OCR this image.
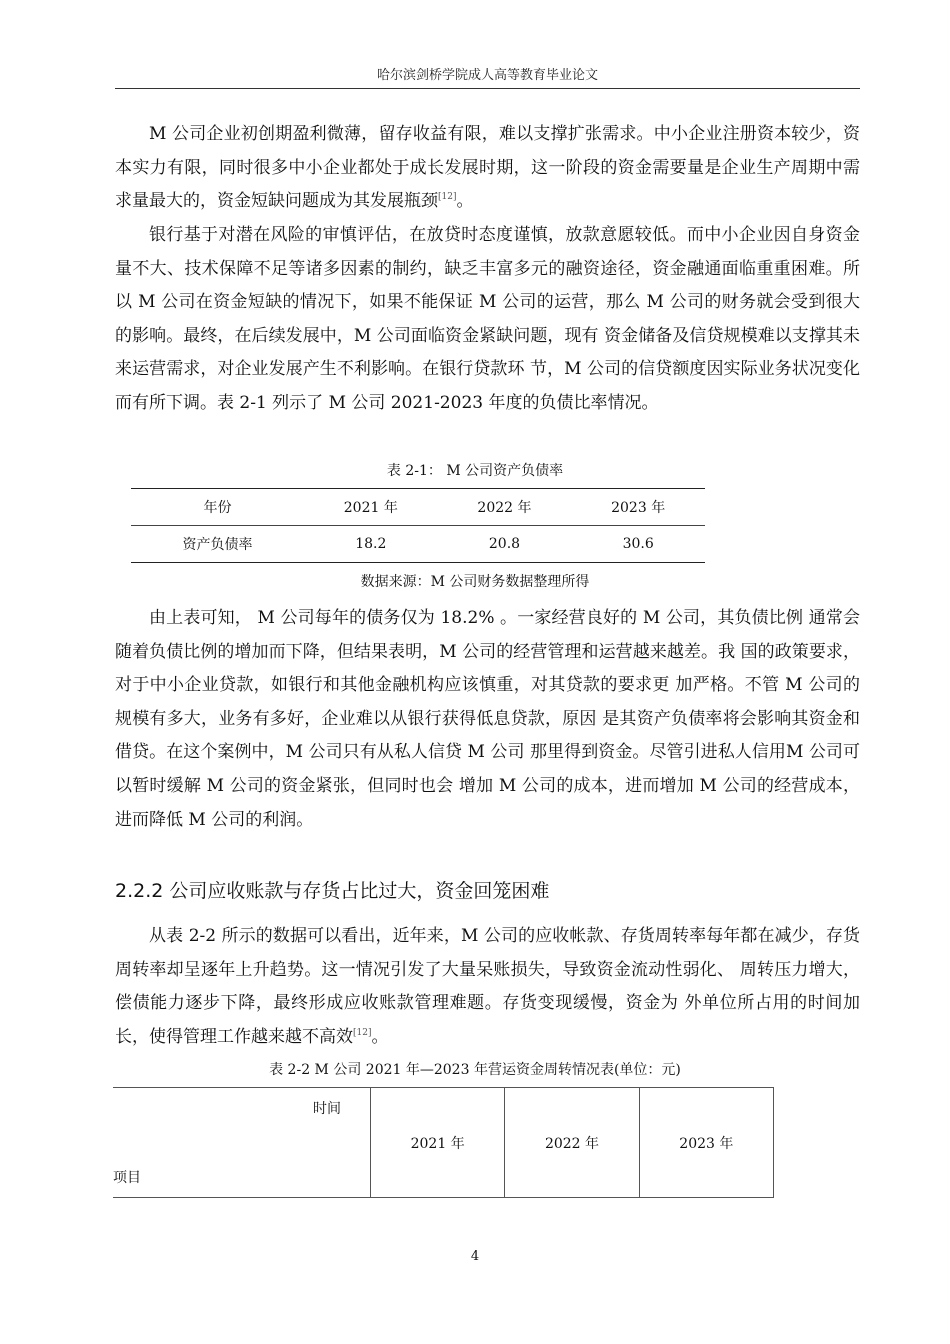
哈尔滨剑桥学院成人高等教育毕业论文

M 公司企业初创期盈利微薄，留存收益有限，难以支撑扩张需求。中小企业注册资本较少，资本实力有限，同时很多中小企业都处于成长发展时期，这一阶段的资金需要量是企业生产周期中需求量最大的，资金短缺问题成为其发展瓶颈[12]。

银行基于对潜在风险的审慎评估，在放贷时态度谨慎，放款意愿较低。而中小企业因自身资金量不大、技术保障不足等诸多因素的制约，缺乏丰富多元的融资途径，资金融通面临重重困难。所以 M 公司在资金短缺的情况下，如果不能保证 M 公司的运营，那么 M 公司的财务就会受到很大的影响。最终，在后续发展中，M 公司面临资金紧缺问题，现有 资金储备及信贷规模难以支撑其未来运营需求，对企业发展产生不利影响。在银行贷款环 节，M 公司的信贷额度因实际业务状况变化而有所下调。表 2-1 列示了 M 公司 2021-2023 年度的负债比率情况。

表 2-1： M 公司资产负债率
年份	2021 年	2022 年	2023 年
资产负债率	18.2	20.8	30.6
数据来源：M 公司财务数据整理所得

由上表可知， M 公司每年的债务仅为 18.2% 。一家经营良好的 M 公司，其负债比例 通常会随着负债比例的增加而下降，但结果表明，M 公司的经营管理和运营越来越差。我 国的政策要求，对于中小企业贷款，如银行和其他金融机构应该慎重，对其贷款的要求更 加严格。不管 M 公司的规模有多大，业务有多好，企业难以从银行获得低息贷款，原因 是其资产负债率将会影响其资金和借贷。在这个案例中，M 公司只有从私人信贷 M 公司 那里得到资金。尽管引进私人信用M 公司可以暂时缓解 M 公司的资金紧张，但同时也会 增加 M 公司的成本，进而增加 M 公司的经营成本，进而降低 M 公司的利润。

2.2.2 公司应收账款与存货占比过大，资金回笼困难

从表 2-2 所示的数据可以看出，近年来，M 公司的应收帐款、存货周转率每年都在减少，存货周转率却呈逐年上升趋势。这一情况引发了大量呆账损失，导致资金流动性弱化、 周转压力增大，偿债能力逐步下降，最终形成应收账款管理难题。存货变现缓慢，资金为 外单位所占用的时间加长，使得管理工作越来越不高效[12]。

表 2-2 M 公司 2021 年—2023 年营运资金周转情况表(单位：元)
时间
项目
	2021 年	2022 年	2023 年
4
